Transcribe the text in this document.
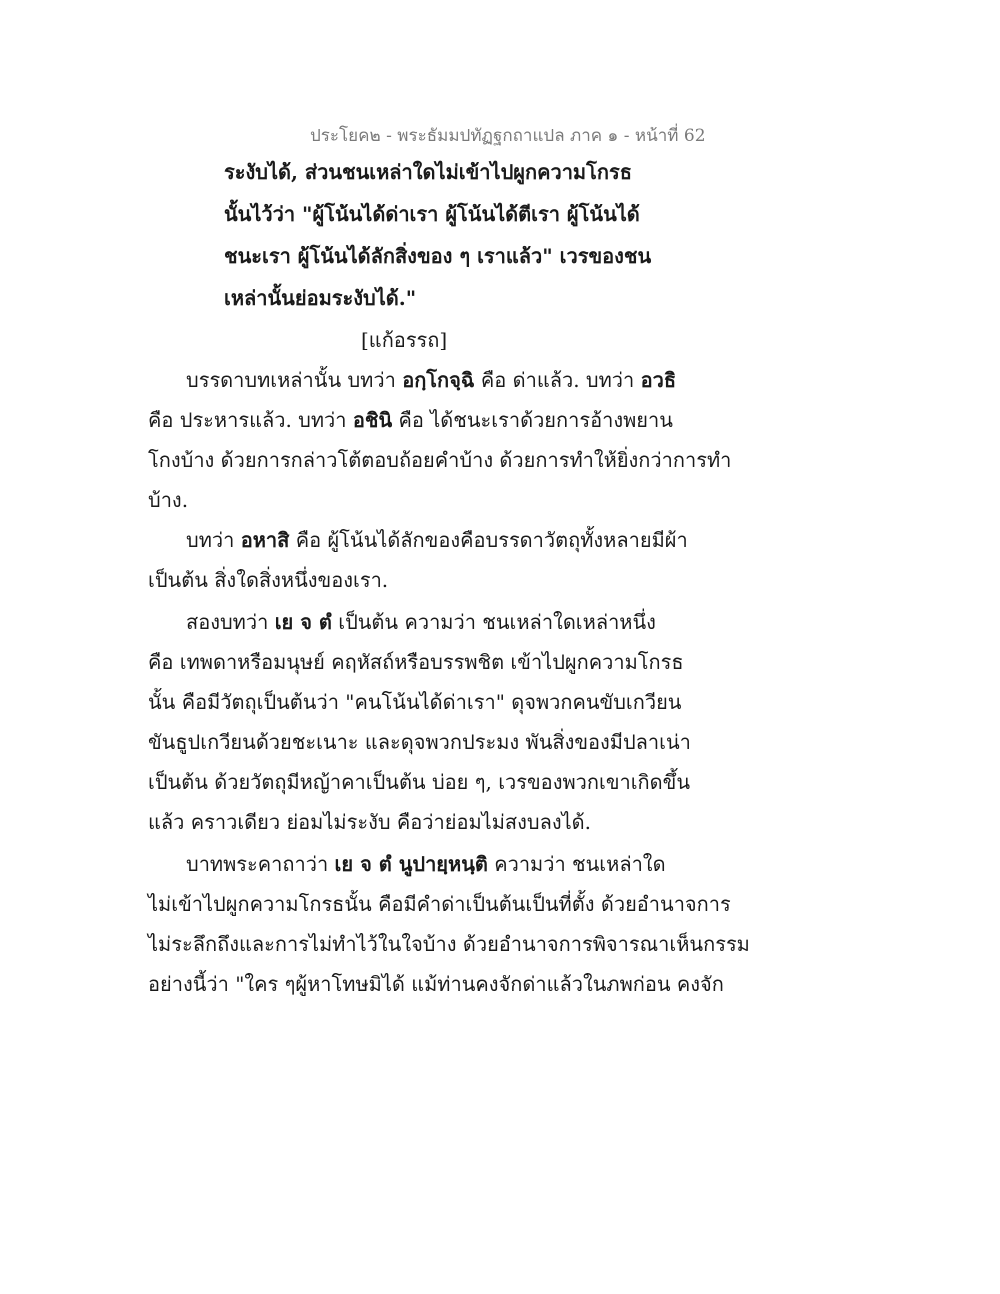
ประโยค๒ - พระธัมมปทัฏฐกถาแปล ภาค ๑ - หน้าที่ 62
ระงับได้, ส่วนชนเหล่าใดไม่เข้าไปผูกความโกรธ
นั้นไว้ว่า "ผู้โน้นได้ด่าเรา ผู้โน้นได้ตีเรา ผู้โน้นได้
ชนะเรา ผู้โน้นได้ลักสิ่งของ ๆ เราแล้ว" เวรของชน
เหล่านั้นย่อมระงับได้."
[แก้อรรถ]
บรรดาบทเหล่านั้น บทว่า อกฺโกจฺฉิ คือ ด่าแล้ว. บทว่า อวธิ
คือ ประหารแล้ว. บทว่า อชินิ คือ ได้ชนะเราด้วยการอ้างพยาน
โกงบ้าง ด้วยการกล่าวโต้ตอบถ้อยคำบ้าง ด้วยการทำให้ยิ่งกว่าการทำ
บ้าง.
บทว่า อหาสิ คือ ผู้โน้นได้ลักของคือบรรดาวัตถุทั้งหลายมีผ้า
เป็นต้น สิ่งใดสิ่งหนึ่งของเรา.
สองบทว่า เย จ ตํ เป็นต้น ความว่า ชนเหล่าใดเหล่าหนึ่ง
คือ เทพดาหรือมนุษย์ คฤหัสถ์หรือบรรพชิต เข้าไปผูกความโกรธ
นั้น คือมีวัตถุเป็นต้นว่า "คนโน้นได้ด่าเรา" ดุจพวกคนขับเกวียน
ขันธูปเกวียนด้วยชะเนาะ และดุจพวกประมง พันสิ่งของมีปลาเน่า
เป็นต้น ด้วยวัตถุมีหญ้าคาเป็นต้น บ่อย ๆ, เวรของพวกเขาเกิดขึ้น
แล้ว คราวเดียว ย่อมไม่ระงับ คือว่าย่อมไม่สงบลงได้.
บาทพระคาถาว่า เย จ ตํ นูปายฺหนฺติ ความว่า ชนเหล่าใด
ไม่เข้าไปผูกความโกรธนั้น คือมีคำด่าเป็นต้นเป็นที่ตั้ง ด้วยอำนาจการ
ไม่ระลึกถึงและการไม่ทำไว้ในใจบ้าง ด้วยอำนาจการพิจารณาเห็นกรรม
อย่างนี้ว่า "ใคร ๆผู้หาโทษมิได้ แม้ท่านคงจักด่าแล้วในภพก่อน คงจัก
